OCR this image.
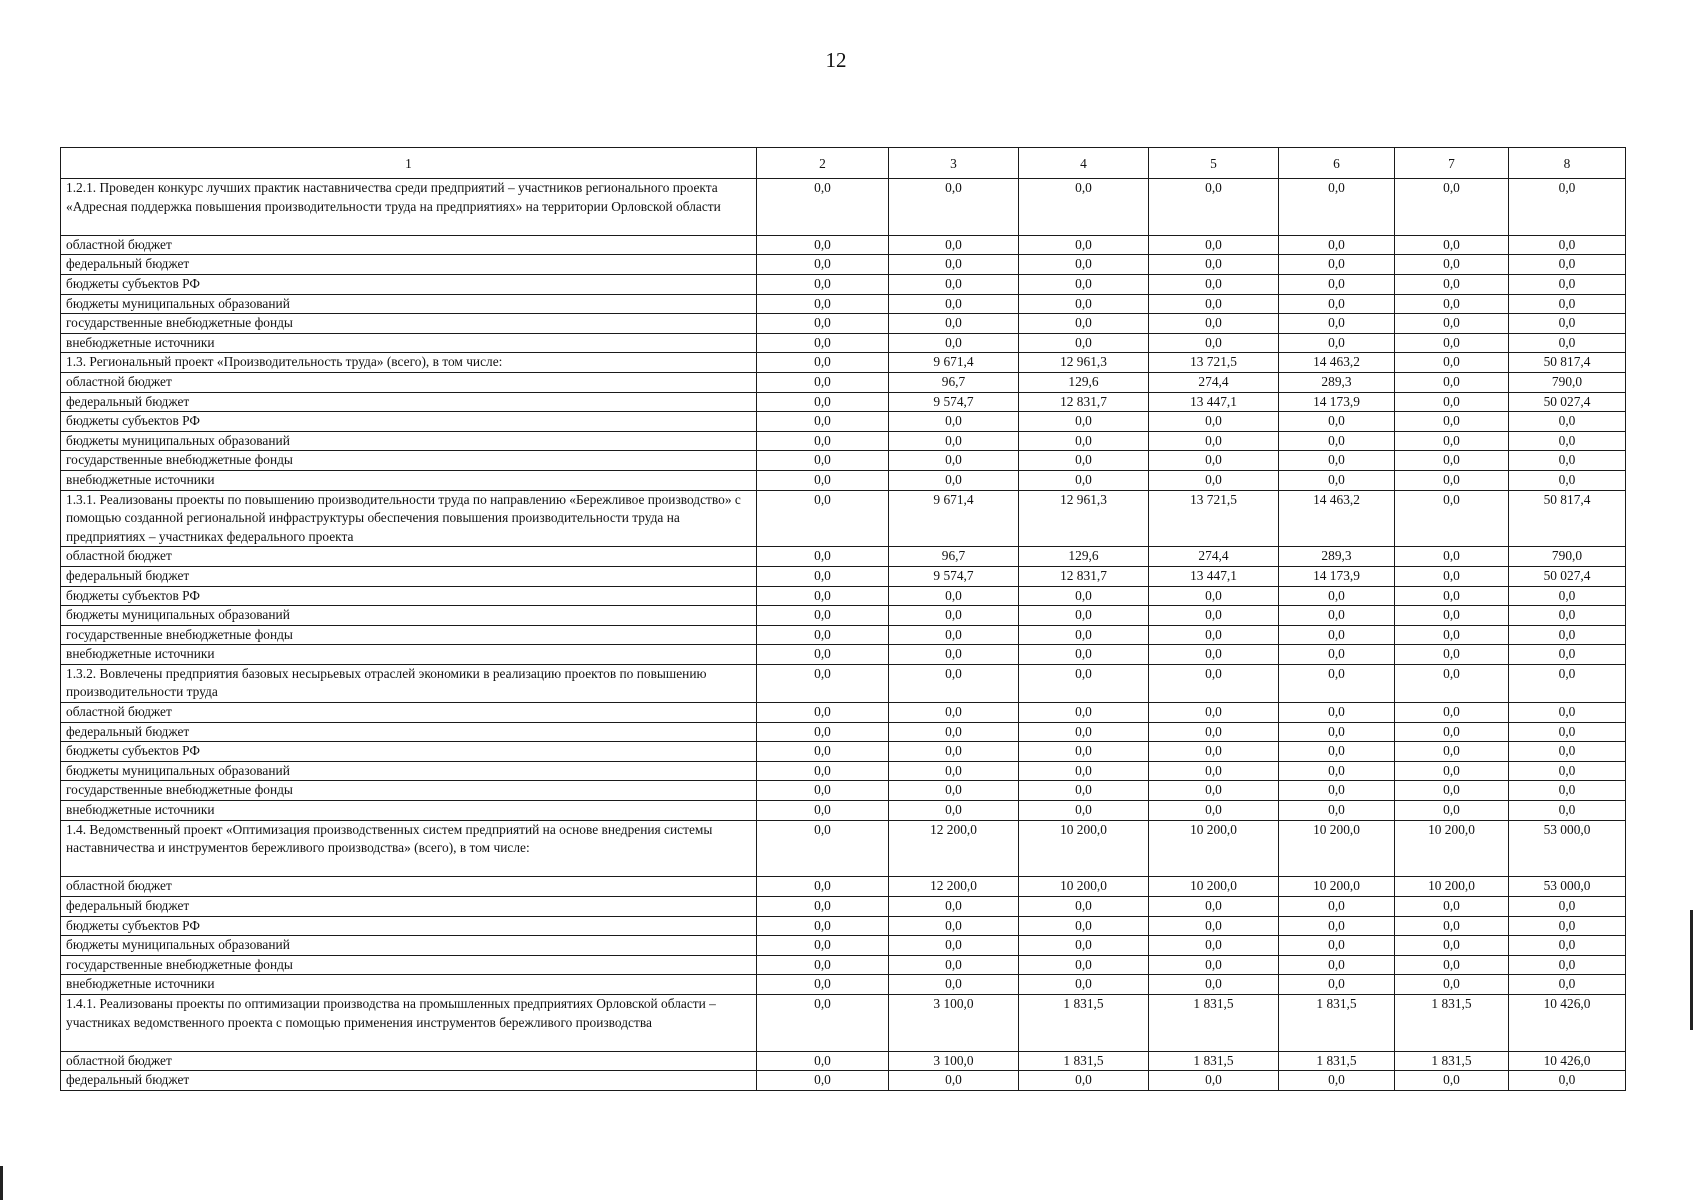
12
1	2	3	4	5	6	7	8
1.2.1. Проведен конкурс лучших практик наставничества среди предприятий – участников регионального проекта «Адресная поддержка повышения производительности труда на предприятиях» на территории Орловской области	0,0	0,0	0,0	0,0	0,0	0,0	0,0
областной бюджет	0,0	0,0	0,0	0,0	0,0	0,0	0,0
федеральный бюджет	0,0	0,0	0,0	0,0	0,0	0,0	0,0
бюджеты субъектов РФ	0,0	0,0	0,0	0,0	0,0	0,0	0,0
бюджеты муниципальных образований	0,0	0,0	0,0	0,0	0,0	0,0	0,0
государственные внебюджетные фонды	0,0	0,0	0,0	0,0	0,0	0,0	0,0
внебюджетные источники	0,0	0,0	0,0	0,0	0,0	0,0	0,0
1.3. Региональный проект «Производительность труда» (всего), в том числе:	0,0	9 671,4	12 961,3	13 721,5	14 463,2	0,0	50 817,4
областной бюджет	0,0	96,7	129,6	274,4	289,3	0,0	790,0
федеральный бюджет	0,0	9 574,7	12 831,7	13 447,1	14 173,9	0,0	50 027,4
бюджеты субъектов РФ	0,0	0,0	0,0	0,0	0,0	0,0	0,0
бюджеты муниципальных образований	0,0	0,0	0,0	0,0	0,0	0,0	0,0
государственные внебюджетные фонды	0,0	0,0	0,0	0,0	0,0	0,0	0,0
внебюджетные источники	0,0	0,0	0,0	0,0	0,0	0,0	0,0
1.3.1. Реализованы проекты по повышению производительности труда по направлению «Бережливое производство» с помощью созданной региональной инфраструктуры обеспечения повышения производительности труда на предприятиях – участниках федерального проекта	0,0	9 671,4	12 961,3	13 721,5	14 463,2	0,0	50 817,4
областной бюджет	0,0	96,7	129,6	274,4	289,3	0,0	790,0
федеральный бюджет	0,0	9 574,7	12 831,7	13 447,1	14 173,9	0,0	50 027,4
бюджеты субъектов РФ	0,0	0,0	0,0	0,0	0,0	0,0	0,0
бюджеты муниципальных образований	0,0	0,0	0,0	0,0	0,0	0,0	0,0
государственные внебюджетные фонды	0,0	0,0	0,0	0,0	0,0	0,0	0,0
внебюджетные источники	0,0	0,0	0,0	0,0	0,0	0,0	0,0
1.3.2. Вовлечены предприятия базовых несырьевых отраслей экономики в реализацию проектов по повышению производительности труда	0,0	0,0	0,0	0,0	0,0	0,0	0,0
областной бюджет	0,0	0,0	0,0	0,0	0,0	0,0	0,0
федеральный бюджет	0,0	0,0	0,0	0,0	0,0	0,0	0,0
бюджеты субъектов РФ	0,0	0,0	0,0	0,0	0,0	0,0	0,0
бюджеты муниципальных образований	0,0	0,0	0,0	0,0	0,0	0,0	0,0
государственные внебюджетные фонды	0,0	0,0	0,0	0,0	0,0	0,0	0,0
внебюджетные источники	0,0	0,0	0,0	0,0	0,0	0,0	0,0
1.4. Ведомственный проект «Оптимизация производственных систем предприятий на основе внедрения системы наставничества и инструментов бережливого производства» (всего), в том числе:	0,0	12 200,0	10 200,0	10 200,0	10 200,0	10 200,0	53 000,0
областной бюджет	0,0	12 200,0	10 200,0	10 200,0	10 200,0	10 200,0	53 000,0
федеральный бюджет	0,0	0,0	0,0	0,0	0,0	0,0	0,0
бюджеты субъектов РФ	0,0	0,0	0,0	0,0	0,0	0,0	0,0
бюджеты муниципальных образований	0,0	0,0	0,0	0,0	0,0	0,0	0,0
государственные внебюджетные фонды	0,0	0,0	0,0	0,0	0,0	0,0	0,0
внебюджетные источники	0,0	0,0	0,0	0,0	0,0	0,0	0,0
1.4.1. Реализованы проекты по оптимизации производства на промышленных предприятиях Орловской области – участниках ведомственного проекта с помощью применения инструментов бережливого производства	0,0	3 100,0	1 831,5	1 831,5	1 831,5	1 831,5	10 426,0
областной бюджет	0,0	3 100,0	1 831,5	1 831,5	1 831,5	1 831,5	10 426,0
федеральный бюджет	0,0	0,0	0,0	0,0	0,0	0,0	0,0
